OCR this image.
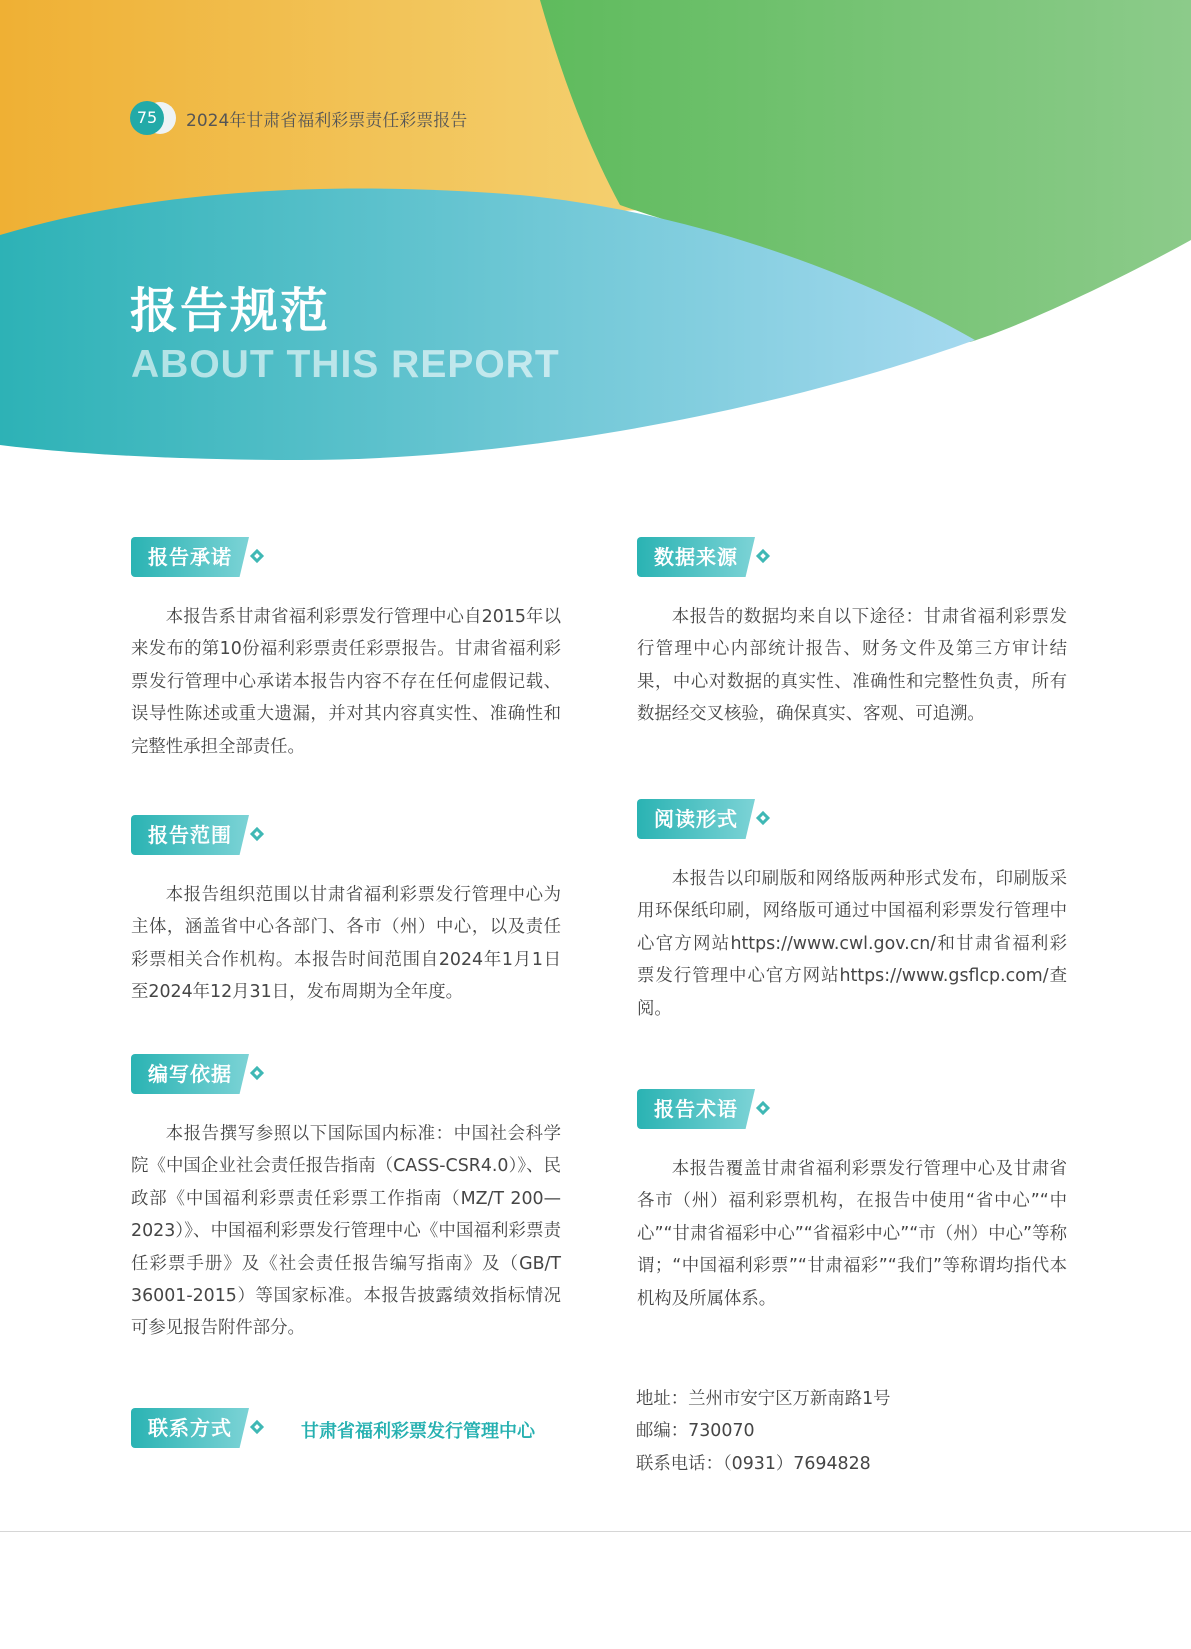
75	2024年甘肃省福利彩票责任彩票报告
报告规范
ABOUT THIS REPORT
报告承诺
本报告系甘肃省福利彩票发行管理中心自2015年以来发布的第10份福利彩票责任彩票报告。甘肃省福利彩票发行管理中心承诺本报告内容不存在任何虚假记载、误导性陈述或重大遗漏，并对其内容真实性、准确性和完整性承担全部责任。
报告范围
本报告组织范围以甘肃省福利彩票发行管理中心为主体，涵盖省中心各部门、各市（州）中心，以及责任彩票相关合作机构。本报告时间范围自2024年1月1日至2024年12月31日，发布周期为全年度。
编写依据
本报告撰写参照以下国际国内标准：中国社会科学院《中国企业社会责任报告指南（CASS-CSR4.0）》、民政部《中国福利彩票责任彩票工作指南（MZ/T 200—2023）》、中国福利彩票发行管理中心《中国福利彩票责任彩票手册》及《社会责任报告编写指南》及（GB/T 36001-2015）等国家标准。本报告披露绩效指标情况可参见报告附件部分。
联系方式	甘肃省福利彩票发行管理中心
数据来源
本报告的数据均来自以下途径：甘肃省福利彩票发行管理中心内部统计报告、财务文件及第三方审计结果，中心对数据的真实性、准确性和完整性负责，所有数据经交叉核验，确保真实、客观、可追溯。
阅读形式
本报告以印刷版和网络版两种形式发布，印刷版采用环保纸印刷，网络版可通过中国福利彩票发行管理中心官方网站https://www.cwl.gov.cn/和甘肃省福利彩票发行管理中心官方网站https://www.gsflcp.com/查阅。
报告术语
本报告覆盖甘肃省福利彩票发行管理中心及甘肃省各市（州）福利彩票机构，在报告中使用“省中心”“中心”“甘肃省福彩中心”“省福彩中心”“市（州）中心”等称谓；“中国福利彩票”“甘肃福彩”“我们”等称谓均指代本机构及所属体系。
地址：兰州市安宁区万新南路1号
邮编：730070
联系电话：（0931）7694828
